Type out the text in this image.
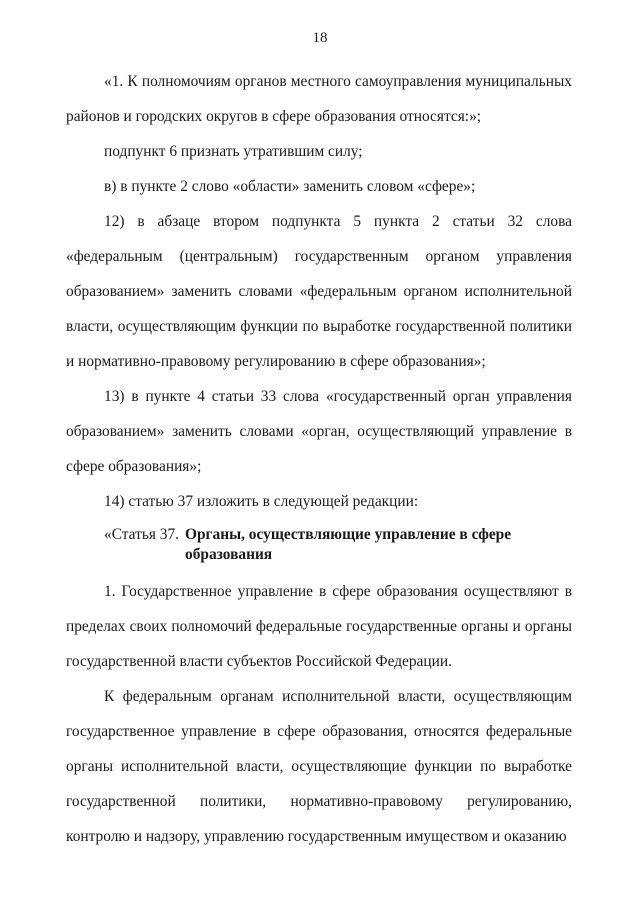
18

«1. К полномочиям органов местного самоуправления муниципальных районов и городских округов в сфере образования относятся:»;

подпункт 6 признать утратившим силу;

в) в пункте 2 слово «области» заменить словом «сфере»;

12) в абзаце втором подпункта 5 пункта 2 статьи 32 слова «федеральным (центральным) государственным органом управления образованием» заменить словами «федеральным органом исполнительной власти, осуществляющим функции по выработке государственной политики и нормативно-правовому регулированию в сфере образования»;

13) в пункте 4 статьи 33 слова «государственный орган управления образованием» заменить словами «орган, осуществляющий управление в сфере образования»;

14) статью 37 изложить в следующей редакции:

«Статья 37. Органы, осуществляющие управление в сфере образования

1. Государственное управление в сфере образования осуществляют в пределах своих полномочий федеральные государственные органы и органы государственной власти субъектов Российской Федерации.

К федеральным органам исполнительной власти, осуществляющим государственное управление в сфере образования, относятся федеральные органы исполнительной власти, осуществляющие функции по выработке государственной политики, нормативно-правовому регулированию, контролю и надзору, управлению государственным имуществом и оказанию
